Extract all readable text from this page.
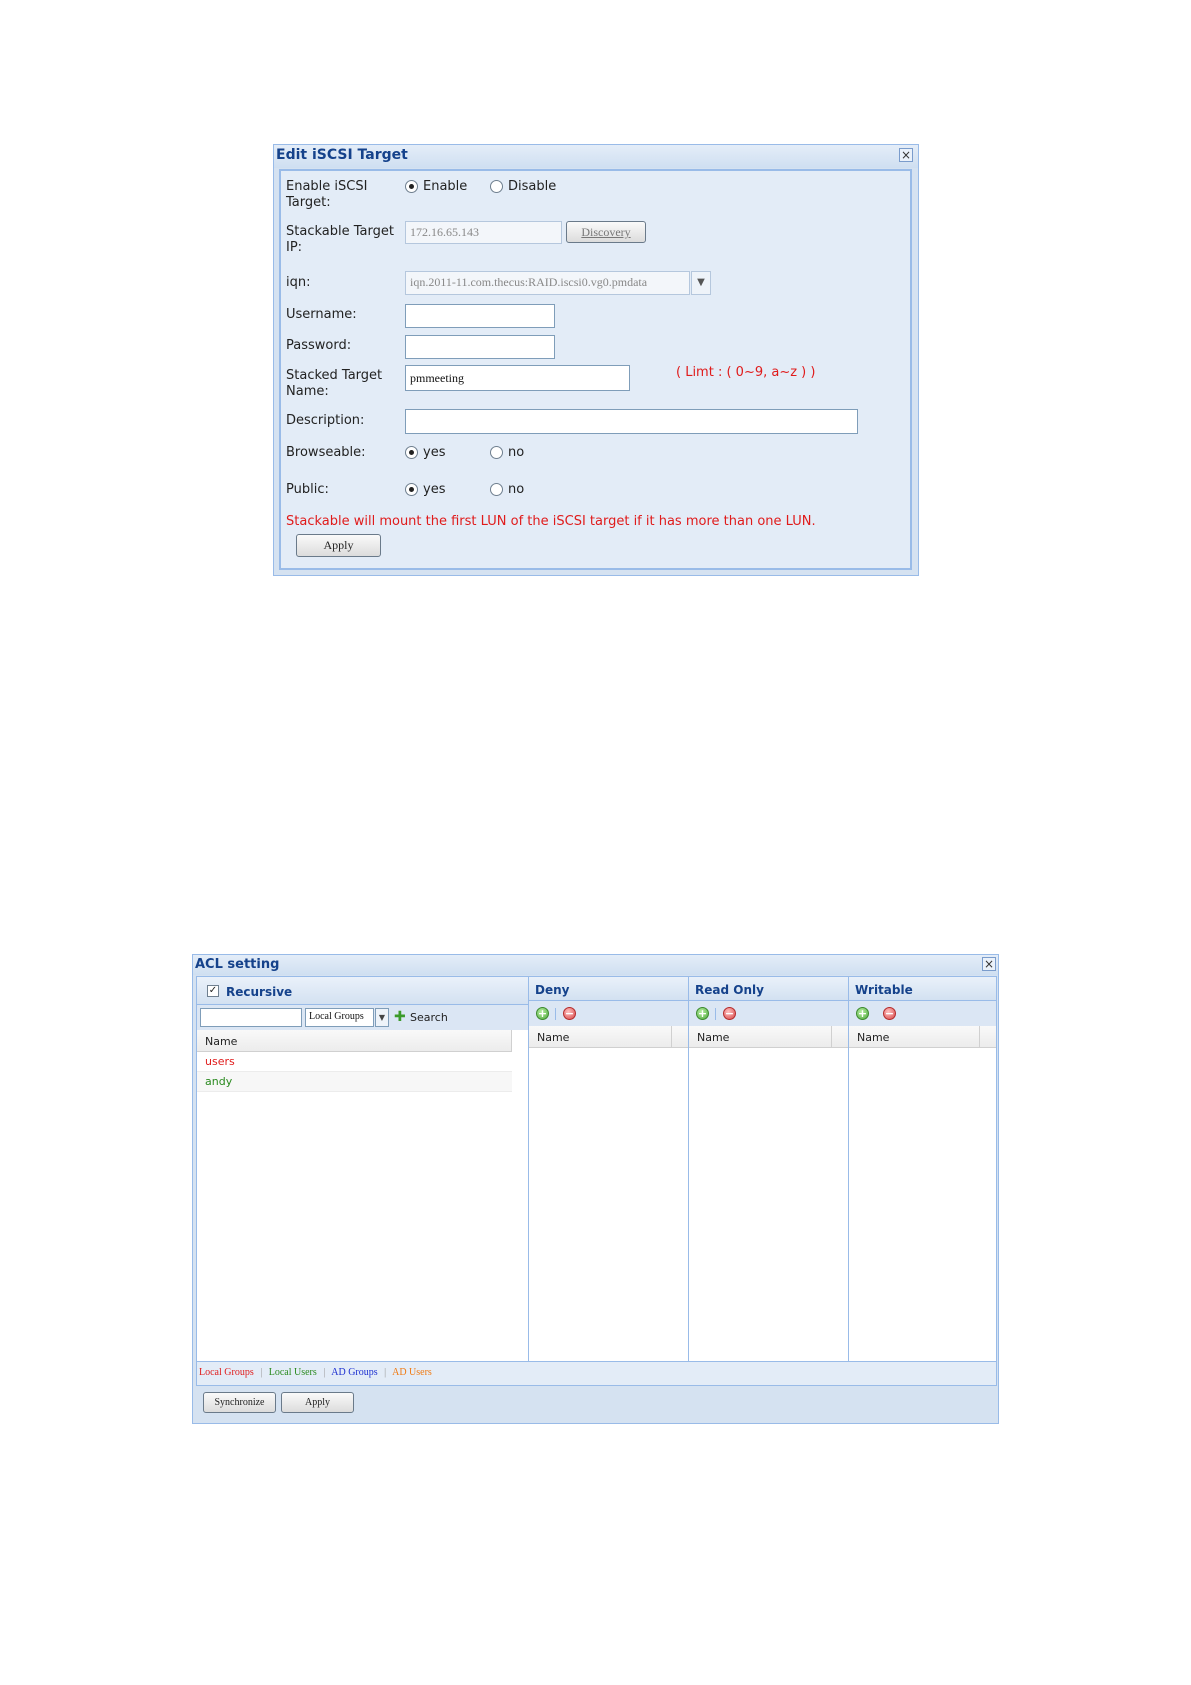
Edit iSCSI Target	×
Enable iSCSI
Target:
Enable	Disable
Stackable Target
IP:
172.16.65.143	Discovery
iqn:	iqn.2011-11.com.thecus:RAID.iscsi0.vg0.pmdata	▼
Username:
Password:
Stacked Target
Name:
pmmeeting	( Limt : ( 0~9, a~z ) )
Description:
Browseable:	yes	no
Public:	yes	no
Stackable will mount the first LUN of the iSCSI target if it has more than one LUN.
Apply
ACL setting	×
✓ Recursive
Local Groups	▼ ✚ Search
Name
users
andy
Deny
+ −
Name
Read Only
+ −
Name
Writable
+ −
Name
Local Groups | Local Users | AD Groups | AD Users
Synchronize	Apply
